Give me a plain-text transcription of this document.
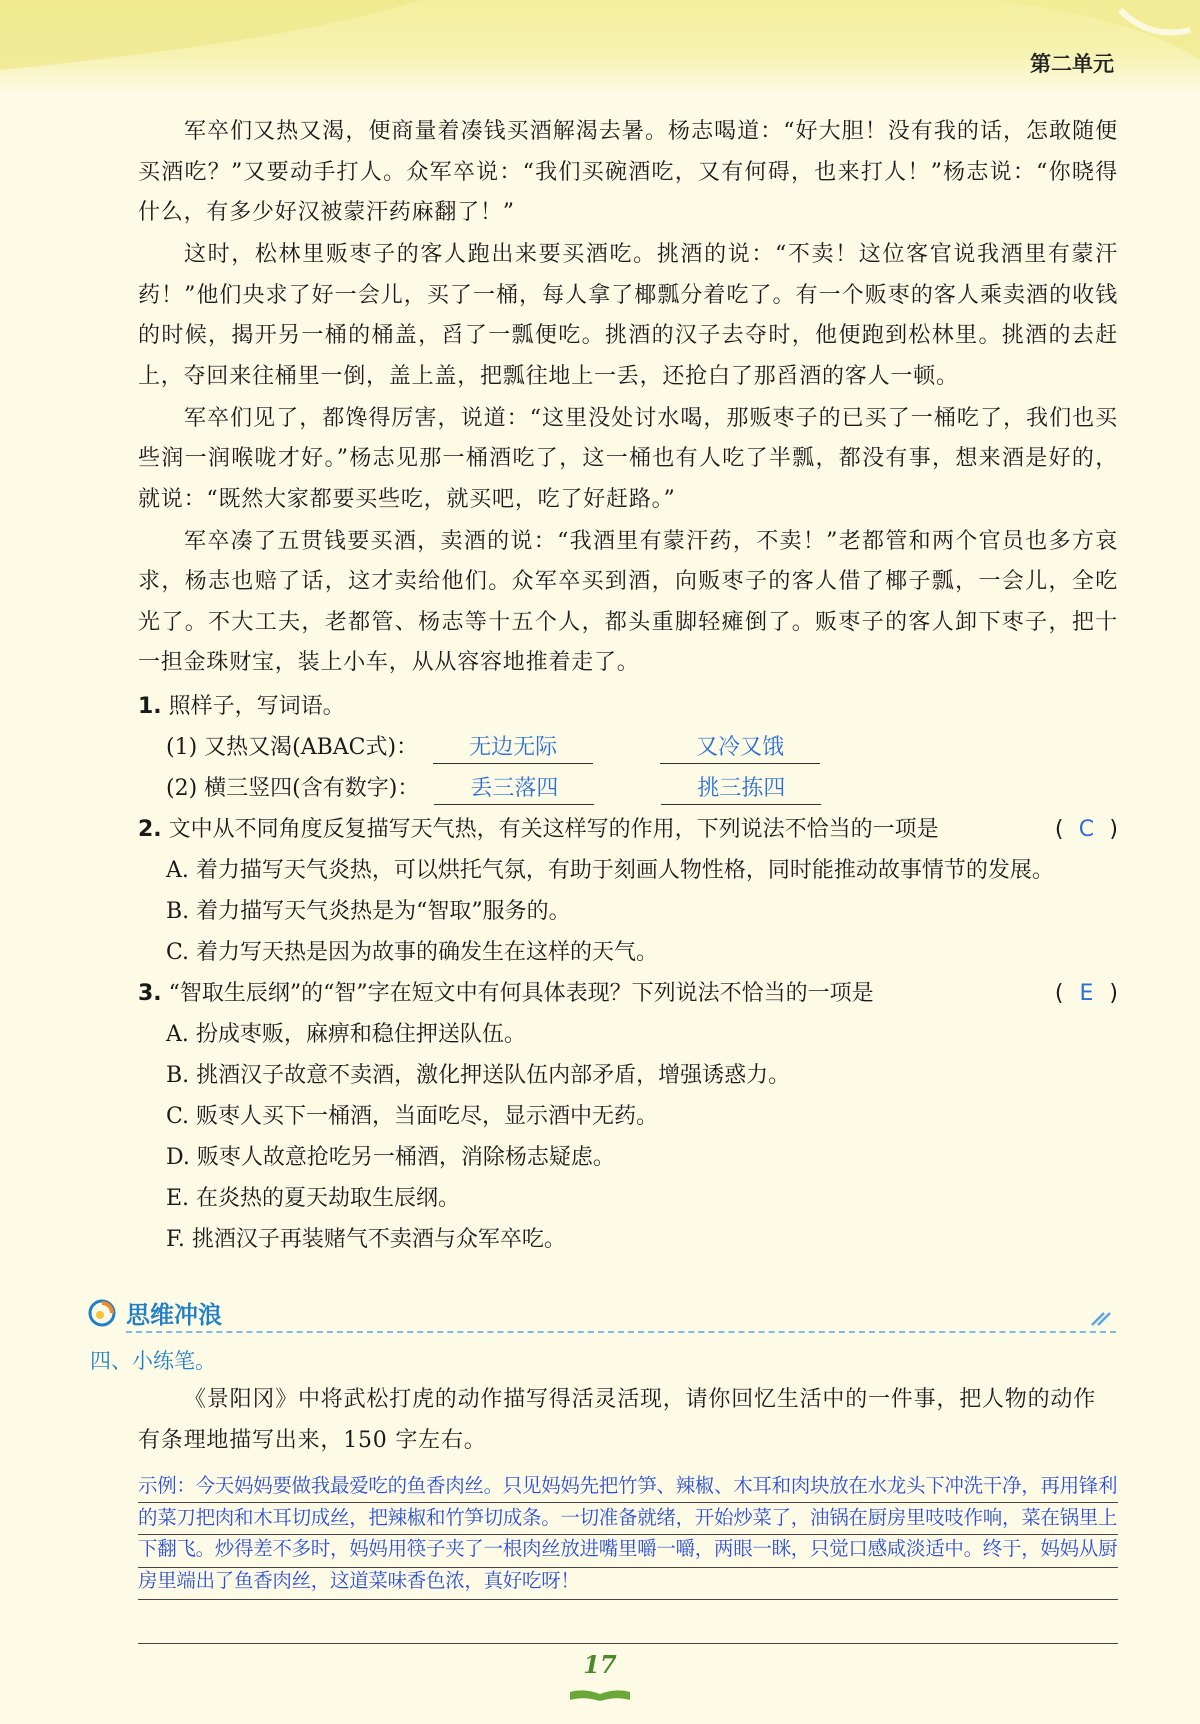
第二单元

军卒们又热又渴，便商量着凑钱买酒解渴去暑。杨志喝道：“好大胆！没有我的话，怎敢随便买酒吃？”又要动手打人。众军卒说：“我们买碗酒吃，又有何碍，也来打人！”杨志说：“你晓得什么，有多少好汉被蒙汗药麻翻了！”

这时，松林里贩枣子的客人跑出来要买酒吃。挑酒的说：“不卖！这位客官说我酒里有蒙汗药！”他们央求了好一会儿，买了一桶，每人拿了椰瓢分着吃了。有一个贩枣的客人乘卖酒的收钱的时候，揭开另一桶的桶盖，舀了一瓢便吃。挑酒的汉子去夺时，他便跑到松林里。挑酒的去赶上，夺回来往桶里一倒，盖上盖，把瓢往地上一丢，还抢白了那舀酒的客人一顿。

军卒们见了，都馋得厉害，说道：“这里没处讨水喝，那贩枣子的已买了一桶吃了，我们也买些润一润喉咙才好。”杨志见那一桶酒吃了，这一桶也有人吃了半瓢，都没有事，想来酒是好的，就说：“既然大家都要买些吃，就买吧，吃了好赶路。”

军卒凑了五贯钱要买酒，卖酒的说：“我酒里有蒙汗药，不卖！”老都管和两个官员也多方哀求，杨志也赔了话，这才卖给他们。众军卒买到酒，向贩枣子的客人借了椰子瓢，一会儿，全吃光了。不大工夫，老都管、杨志等十五个人，都头重脚轻瘫倒了。贩枣子的客人卸下枣子，把十一担金珠财宝，装上小车，从从容容地推着走了。

1. 照样子，写词语。

(1) 又热又渴(ABAC式)： 无边无际	又冷又饿

(2) 横三竖四(含有数字)： 丢三落四	挑三拣四

2. 文中从不同角度反复描写天气热，有关这样写的作用，下列说法不恰当的一项是	( C )

A. 着力描写天气炎热，可以烘托气氛，有助于刻画人物性格，同时能推动故事情节的发展。

B. 着力描写天气炎热是为“智取”服务的。

C. 着力写天热是因为故事的确发生在这样的天气。

3. “智取生辰纲”的“智”字在短文中有何具体表现？下列说法不恰当的一项是	( E )

A. 扮成枣贩，麻痹和稳住押送队伍。

B. 挑酒汉子故意不卖酒，激化押送队伍内部矛盾，增强诱惑力。

C. 贩枣人买下一桶酒，当面吃尽，显示酒中无药。

D. 贩枣人故意抢吃另一桶酒，消除杨志疑虑。

E. 在炎热的夏天劫取生辰纲。

F. 挑酒汉子再装赌气不卖酒与众军卒吃。

思维冲浪
四、小练笔。

《景阳冈》中将武松打虎的动作描写得活灵活现，请你回忆生活中的一件事，把人物的动作有条理地描写出来，150 字左右。

示例：今天妈妈要做我最爱吃的鱼香肉丝。只见妈妈先把竹笋、辣椒、木耳和肉块放在水龙头下冲洗干净，再用锋利的菜刀把肉和木耳切成丝，把辣椒和竹笋切成条。一切准备就绪，开始炒菜了，油锅在厨房里吱吱作响，菜在锅里上下翻飞。炒得差不多时，妈妈用筷子夹了一根肉丝放进嘴里嚼一嚼，两眼一眯，只觉口感咸淡适中。终于，妈妈从厨房里端出了鱼香肉丝，这道菜味香色浓，真好吃呀！
17
